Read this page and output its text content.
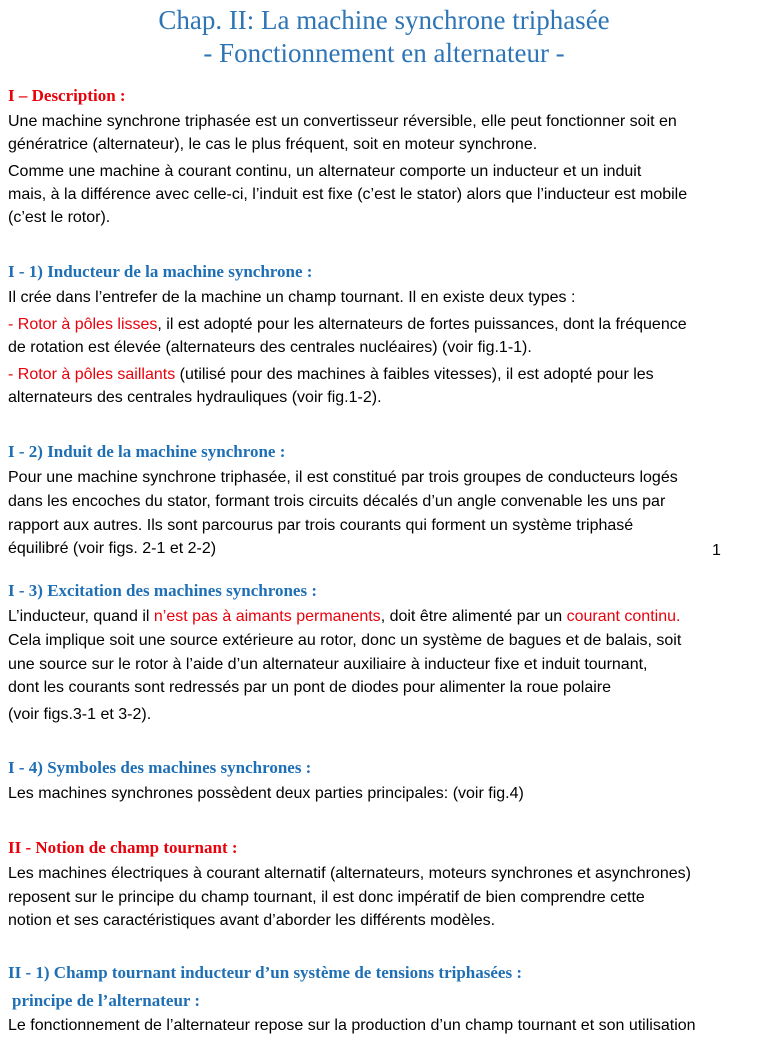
Chap. II: La machine synchrone triphasée
- Fonctionnement en alternateur -
I – Description :
Une machine synchrone triphasée est un convertisseur réversible, elle peut fonctionner soit en
génératrice (alternateur), le cas le plus fréquent, soit en moteur synchrone.
Comme une machine à courant continu, un alternateur comporte un inducteur et un induit
mais, à la différence avec celle-ci, l’induit est fixe (c’est le stator) alors que l’inducteur est mobile
(c’est le rotor).
I - 1) Inducteur de la machine synchrone :
Il crée dans l’entrefer de la machine un champ tournant. Il en existe deux types :
- Rotor à pôles lisses, il est adopté pour les alternateurs de fortes puissances, dont la fréquence
de rotation est élevée (alternateurs des centrales nucléaires) (voir fig.1-1).
- Rotor à pôles saillants (utilisé pour des machines à faibles vitesses), il est adopté pour les
alternateurs des centrales hydrauliques (voir fig.1-2).
I - 2) Induit de la machine synchrone :
Pour une machine synchrone triphasée, il est constitué par trois groupes de conducteurs logés
dans les encoches du stator, formant trois circuits décalés d’un angle convenable les uns par
rapport aux autres. Ils sont parcourus par trois courants qui forment un système triphasé
équilibré (voir figs. 2-1 et 2-2)	1
I - 3) Excitation des machines synchrones :
L’inducteur, quand il n’est pas à aimants permanents, doit être alimenté par un courant continu.
Cela implique soit une source extérieure au rotor, donc un système de bagues et de balais, soit
une source sur le rotor à l’aide d’un alternateur auxiliaire à inducteur fixe et induit tournant,
dont les courants sont redressés par un pont de diodes pour alimenter la roue polaire
(voir figs.3-1 et 3-2).
I - 4) Symboles des machines synchrones :
Les machines synchrones possèdent deux parties principales: (voir fig.4)
II - Notion de champ tournant :
Les machines électriques à courant alternatif (alternateurs, moteurs synchrones et asynchrones)
reposent sur le principe du champ tournant, il est donc impératif de bien comprendre cette
notion et ses caractéristiques avant d’aborder les différents modèles.
II - 1) Champ tournant inducteur d’un système de tensions triphasées :
principe de l’alternateur :
Le fonctionnement de l’alternateur repose sur la production d’un champ tournant et son utilisation
